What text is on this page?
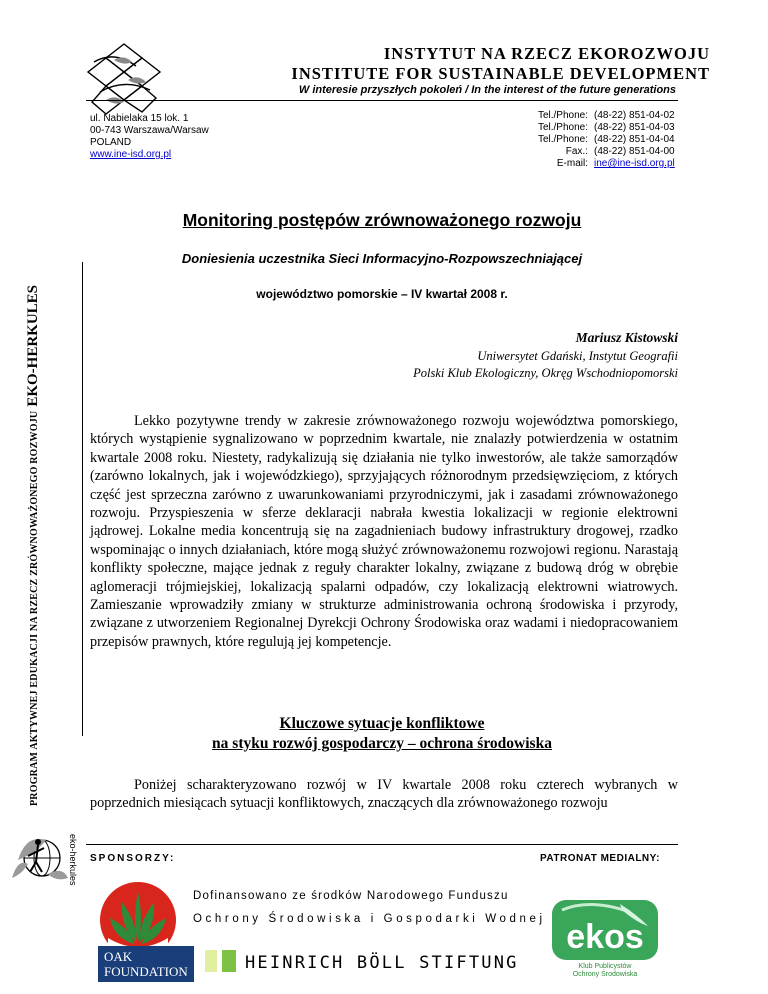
INSTYTUT NA RZECZ EKOROZWOJU
INSTITUTE FOR SUSTAINABLE DEVELOPMENT
W interesie przyszłych pokoleń / In the interest of the future generations
ul. Nabielaka 15 lok. 1
00-743 Warszawa/Warsaw
POLAND
www.ine-isd.org.pl
Tel./Phone: (48-22) 851-04-02
Tel./Phone: (48-22) 851-04-03
Tel./Phone: (48-22) 851-04-04
Fax.: (48-22) 851-04-00
E-mail: ine@ine-isd.org.pl
PROGRAM AKTYWNEJ EDUKACJI NA RZECZ ZRÓWNOWAŻONEGO ROZWOJU EKO-HERKULES
Monitoring postępów zrównoważonego rozwoju
Doniesienia uczestnika Sieci Informacyjno-Rozpowszechniającej
województwo pomorskie – IV kwartał 2008 r.
Mariusz Kistowski
Uniwersytet Gdański, Instytut Geografii
Polski Klub Ekologiczny, Okręg Wschodniopomorski
Lekko pozytywne trendy w zakresie zrównoważonego rozwoju województwa pomorskiego, których wystąpienie sygnalizowano w poprzednim kwartale, nie znalazły potwierdzenia w ostatnim kwartale 2008 roku. Niestety, radykalizują się działania nie tylko inwestorów, ale także samorządów (zarówno lokalnych, jak i wojewódzkiego), sprzyjających różnorodnym przedsięwzięciom, z których część jest sprzeczna zarówno z uwarunkowaniami przyrodniczymi, jak i zasadami zrównoważonego rozwoju. Przyspieszenia w sferze deklaracji nabrała kwestia lokalizacji w regionie elektrowni jądrowej. Lokalne media koncentrują się na zagadnieniach budowy infrastruktury drogowej, rzadko wspominając o innych działaniach, które mogą służyć zrównoważonemu rozwojowi regionu. Narastają konflikty społeczne, mające jednak z reguły charakter lokalny, związane z budową dróg w obrębie aglomeracji trójmiejskiej, lokalizacją spalarni odpadów, czy lokalizacją elektrowni wiatrowych. Zamieszanie wprowadziły zmiany w strukturze administrowania ochroną środowiska i przyrody, związane z utworzeniem Regionalnej Dyrekcji Ochrony Środowiska oraz wadami i niedopracowaniem przepisów prawnych, które regulują jej kompetencje.
Kluczowe sytuacje konfliktowe
na styku rozwój gospodarczy – ochrona środowiska
Poniżej scharakteryzowano rozwój w IV kwartale 2008 roku czterech wybranych w poprzednich miesiącach sytuacji konfliktowych, znaczących dla zrównoważonego rozwoju
eko-herkules SPONSORZY:	PATRONAT MEDIALNY:
Dofinansowano ze środków Narodowego Funduszu
Ochrony Środowiska i Gospodarki Wodnej ekos
Klub Publicystów
Ochrony Środowiska
OAK
FOUNDATION	HEINRICH BÖLL STIFTUNG
